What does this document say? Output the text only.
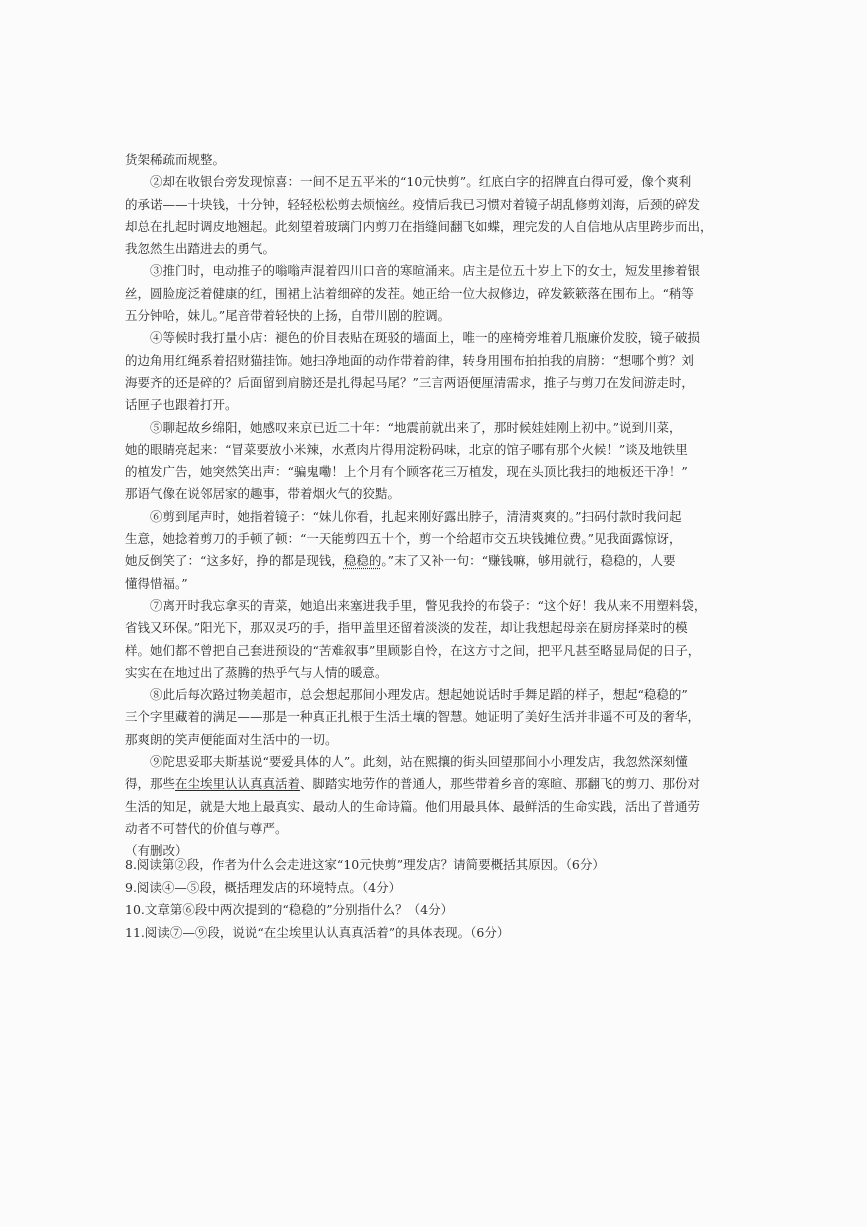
货架稀疏而规整。
②却在收银台旁发现惊喜：一间不足五平米的“10元快剪”。红底白字的招牌直白得可爱，像个爽利
的承诺——十块钱，十分钟，轻轻松松剪去烦恼丝。疫情后我已习惯对着镜子胡乱修剪刘海，后颈的碎发
却总在扎起时调皮地翘起。此刻望着玻璃门内剪刀在指缝间翻飞如蝶，理完发的人自信地从店里跨步而出，
我忽然生出踏进去的勇气。
③推门时，电动推子的嗡嗡声混着四川口音的寒暄涌来。店主是位五十岁上下的女士，短发里掺着银
丝，圆脸庞泛着健康的红，围裙上沾着细碎的发茬。她正给一位大叔修边，碎发簌簌落在围布上。“稍等
五分钟哈，妹儿。”尾音带着轻快的上扬，自带川剧的腔调。
④等候时我打量小店：褪色的价目表贴在斑驳的墙面上，唯一的座椅旁堆着几瓶廉价发胶，镜子破损
的边角用红绳系着招财猫挂饰。她扫净地面的动作带着韵律，转身用围布拍拍我的肩膀：“想哪个剪？刘
海要齐的还是碎的？后面留到肩膀还是扎得起马尾？”三言两语便厘清需求，推子与剪刀在发间游走时，
话匣子也跟着打开。
⑤聊起故乡绵阳，她感叹来京已近二十年：“地震前就出来了，那时候娃娃刚上初中。”说到川菜，
她的眼睛亮起来：“冒菜要放小米辣，水煮肉片得用淀粉码味，北京的馆子哪有那个火候！”谈及地铁里
的植发广告，她突然笑出声：“骗鬼嘞！上个月有个顾客花三万植发，现在头顶比我扫的地板还干净！”
那语气像在说邻居家的趣事，带着烟火气的狡黠。
⑥剪到尾声时，她指着镜子：“妹儿你看，扎起来刚好露出脖子，清清爽爽的。”扫码付款时我问起
生意，她捻着剪刀的手顿了顿：“一天能剪四五十个，剪一个给超市交五块钱摊位费。”见我面露惊讶，
她反倒笑了：“这多好，挣的都是现钱，稳稳的。”末了又补一句：“赚钱嘛，够用就行，稳稳的，人要
懂得惜福。”
⑦离开时我忘拿买的青菜，她追出来塞进我手里，瞥见我拎的布袋子：“这个好！我从来不用塑料袋，
省钱又环保。”阳光下，那双灵巧的手，指甲盖里还留着淡淡的发茬，却让我想起母亲在厨房择菜时的模
样。她们都不曾把自己套进预设的“苦难叙事”里顾影自怜，在这方寸之间，把平凡甚至略显局促的日子，
实实在在地过出了蒸腾的热乎气与人情的暖意。
⑧此后每次路过物美超市，总会想起那间小理发店。想起她说话时手舞足蹈的样子，想起“稳稳的”
三个字里藏着的满足——那是一种真正扎根于生活土壤的智慧。她证明了美好生活并非遥不可及的奢华，
那爽朗的笑声便能面对生活中的一切。
⑨陀思妥耶夫斯基说“要爱具体的人”。此刻，站在熙攘的街头回望那间小小理发店，我忽然深刻懂
得，那些在尘埃里认认真真活着、脚踏实地劳作的普通人，那些带着乡音的寒暄、那翻飞的剪刀、那份对
生活的知足，就是大地上最真实、最动人的生命诗篇。他们用最具体、最鲜活的生命实践，活出了普通劳
动者不可替代的价值与尊严。
（有删改）
8.阅读第②段，作者为什么会走进这家“10元快剪”理发店？请简要概括其原因。（6分）
9.阅读④—⑤段，概括理发店的环境特点。（4分）
10.文章第⑥段中两次提到的“稳稳的”分别指什么？（4分）
11.阅读⑦—⑨段，说说“在尘埃里认认真真活着”的具体表现。（6分）
